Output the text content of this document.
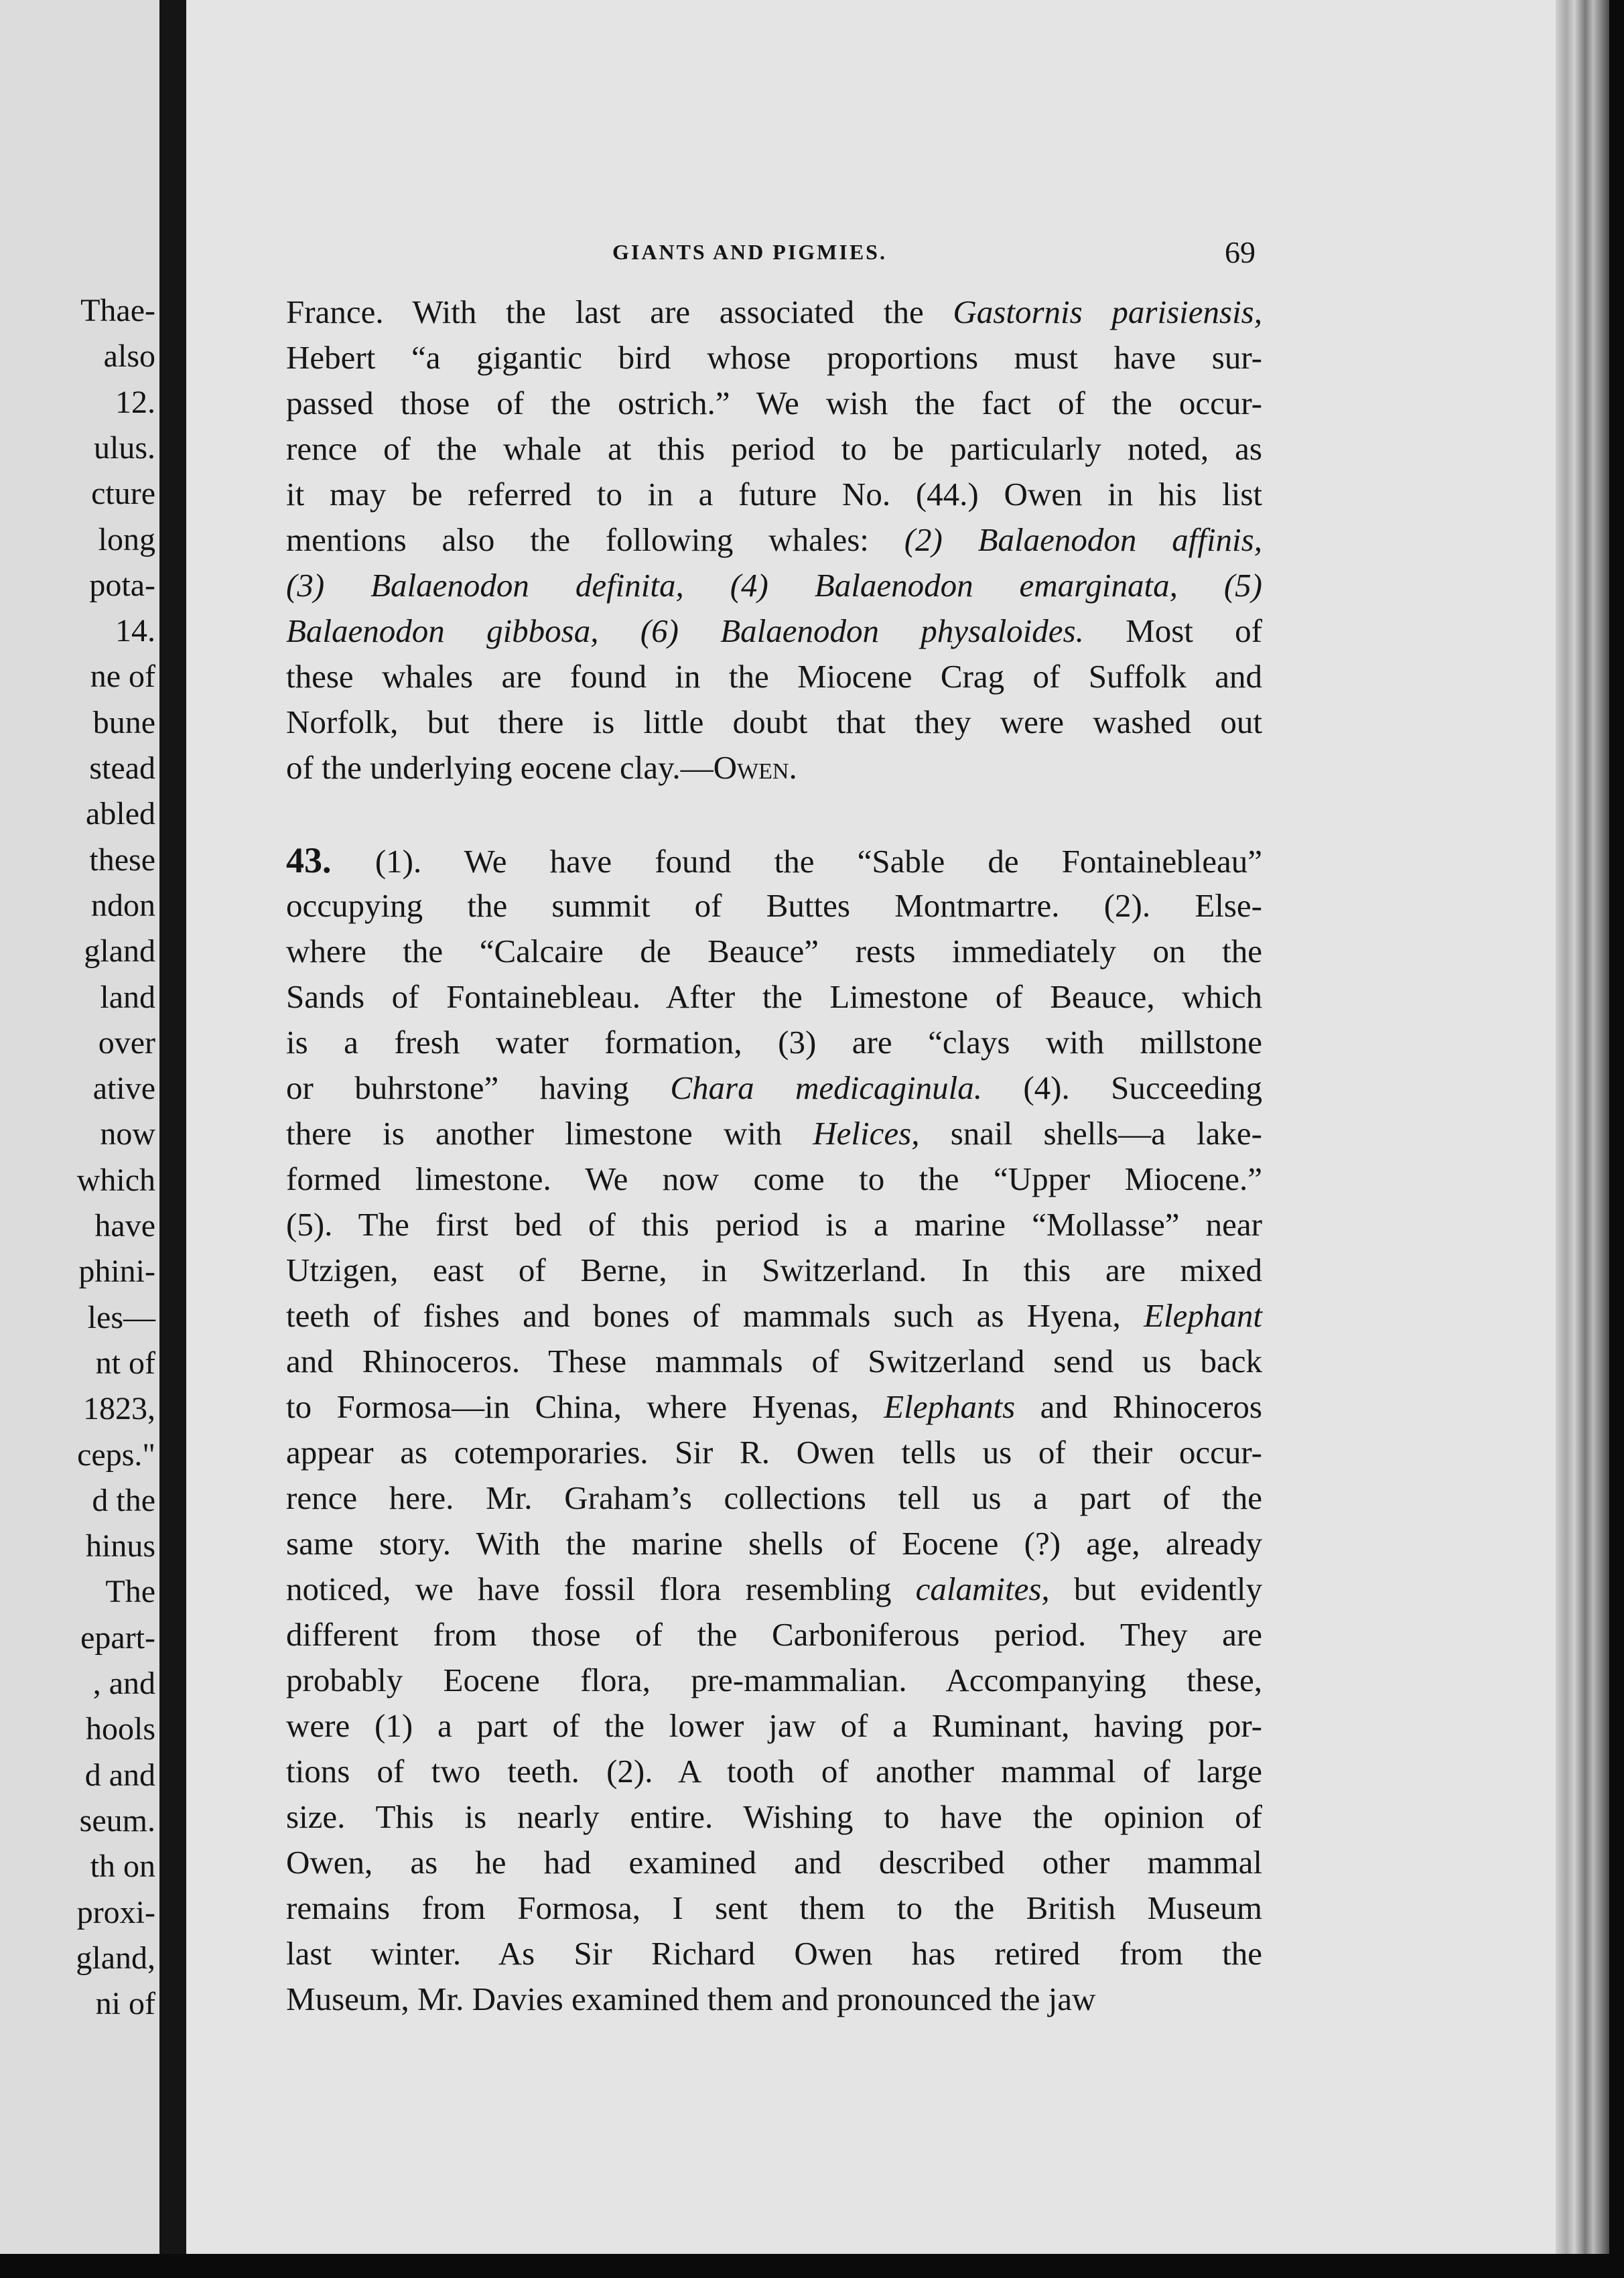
Thae-
also
12.
ulus.
cture
long
pota-
14.
ne of
bune
stead
abled
these
ndon
gland
land
over
ative
now
which
have
phini-
les—
nt of
1823,
ceps."
d the
hinus
The
epart-
, and
hools
d and
seum.
th on
proxi-
gland,
ni of
GIANTS AND PIGMIES.	69
France. With the last are associated the Gastornis parisiensis,
Hebert “a gigantic bird whose proportions must have sur-
passed those of the ostrich.” We wish the fact of the occur-
rence of the whale at this period to be particularly noted, as
it may be referred to in a future No. (44.) Owen in his list
mentions also the following whales: (2) Balaenodon affinis,
(3) Balaenodon definita, (4) Balaenodon emarginata, (5)
Balaenodon gibbosa, (6) Balaenodon physaloides. Most of
these whales are found in the Miocene Crag of Suffolk and
Norfolk, but there is little doubt that they were washed out
of the underlying eocene clay.—Owen.
43. (1). We have found the “Sable de Fontainebleau”
occupying the summit of Buttes Montmartre. (2). Else-
where the “Calcaire de Beauce” rests immediately on the
Sands of Fontainebleau. After the Limestone of Beauce, which
is a fresh water formation, (3) are “clays with millstone
or buhrstone” having Chara medicaginula. (4). Succeeding
there is another limestone with Helices, snail shells—a lake-
formed limestone. We now come to the “Upper Miocene.”
(5). The first bed of this period is a marine “Mollasse” near
Utzigen, east of Berne, in Switzerland. In this are mixed
teeth of fishes and bones of mammals such as Hyena, Elephant
and Rhinoceros. These mammals of Switzerland send us back
to Formosa—in China, where Hyenas, Elephants and Rhinoceros
appear as cotemporaries. Sir R. Owen tells us of their occur-
rence here. Mr. Graham’s collections tell us a part of the
same story. With the marine shells of Eocene (?) age, already
noticed, we have fossil flora resembling calamites, but evidently
different from those of the Carboniferous period. They are
probably Eocene flora, pre-mammalian. Accompanying these,
were (1) a part of the lower jaw of a Ruminant, having por-
tions of two teeth. (2). A tooth of another mammal of large
size. This is nearly entire. Wishing to have the opinion of
Owen, as he had examined and described other mammal
remains from Formosa, I sent them to the British Museum
last winter. As Sir Richard Owen has retired from the
Museum, Mr. Davies examined them and pronounced the jaw
